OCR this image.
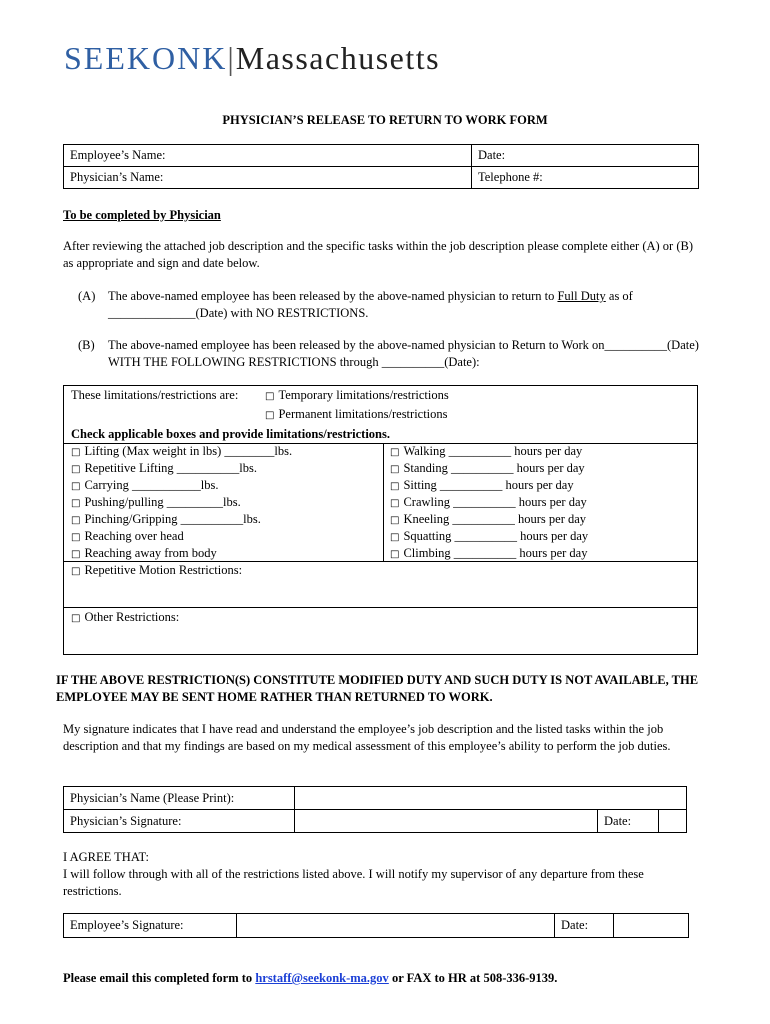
SEEKONK|Massachusetts
PHYSICIAN’S RELEASE TO RETURN TO WORK FORM
Employee’s Name:	Date:
Physician’s Name:	Telephone #:
To be completed by Physician
After reviewing the attached job description and the specific tasks within the job description please complete either (A) or (B) as appropriate and sign and date below.
(A) The above-named employee has been released by the above-named physician to return to Full Duty as of ______________(Date) with NO RESTRICTIONS.
(B) The above-named employee has been released by the above-named physician to Return to Work on__________(Date) WITH THE FOLLOWING RESTRICTIONS through __________(Date):
These limitations/restrictions are:	□ Temporary limitations/restrictions
□ Permanent limitations/restrictions
Check applicable boxes and provide limitations/restrictions.
□ Lifting (Max weight in lbs) ________lbs.
□ Repetitive Lifting __________lbs.
□ Carrying ___________lbs.
□ Pushing/pulling _________lbs.
□ Pinching/Gripping __________lbs.
□ Reaching over head
□ Reaching away from body
□ Walking __________ hours per day
□ Standing __________ hours per day
□ Sitting __________ hours per day
□ Crawling __________ hours per day
□ Kneeling __________ hours per day
□ Squatting __________ hours per day
□ Climbing __________ hours per day
□ Repetitive Motion Restrictions:
□ Other Restrictions:
IF THE ABOVE RESTRICTION(S) CONSTITUTE MODIFIED DUTY AND SUCH DUTY IS NOT AVAILABLE, THE EMPLOYEE MAY BE SENT HOME RATHER THAN RETURNED TO WORK.
My signature indicates that I have read and understand the employee’s job description and the listed tasks within the job description and that my findings are based on my medical assessment of this employee’s ability to perform the job duties.
Physician’s Name (Please Print):			
Physician’s Signature:		Date:	
I AGREE THAT:
I will follow through with all of the restrictions listed above. I will notify my supervisor of any departure from these restrictions.
Employee’s Signature:		Date:	
Please email this completed form to hrstaff@seekonk-ma.gov or FAX to HR at 508-336-9139.
